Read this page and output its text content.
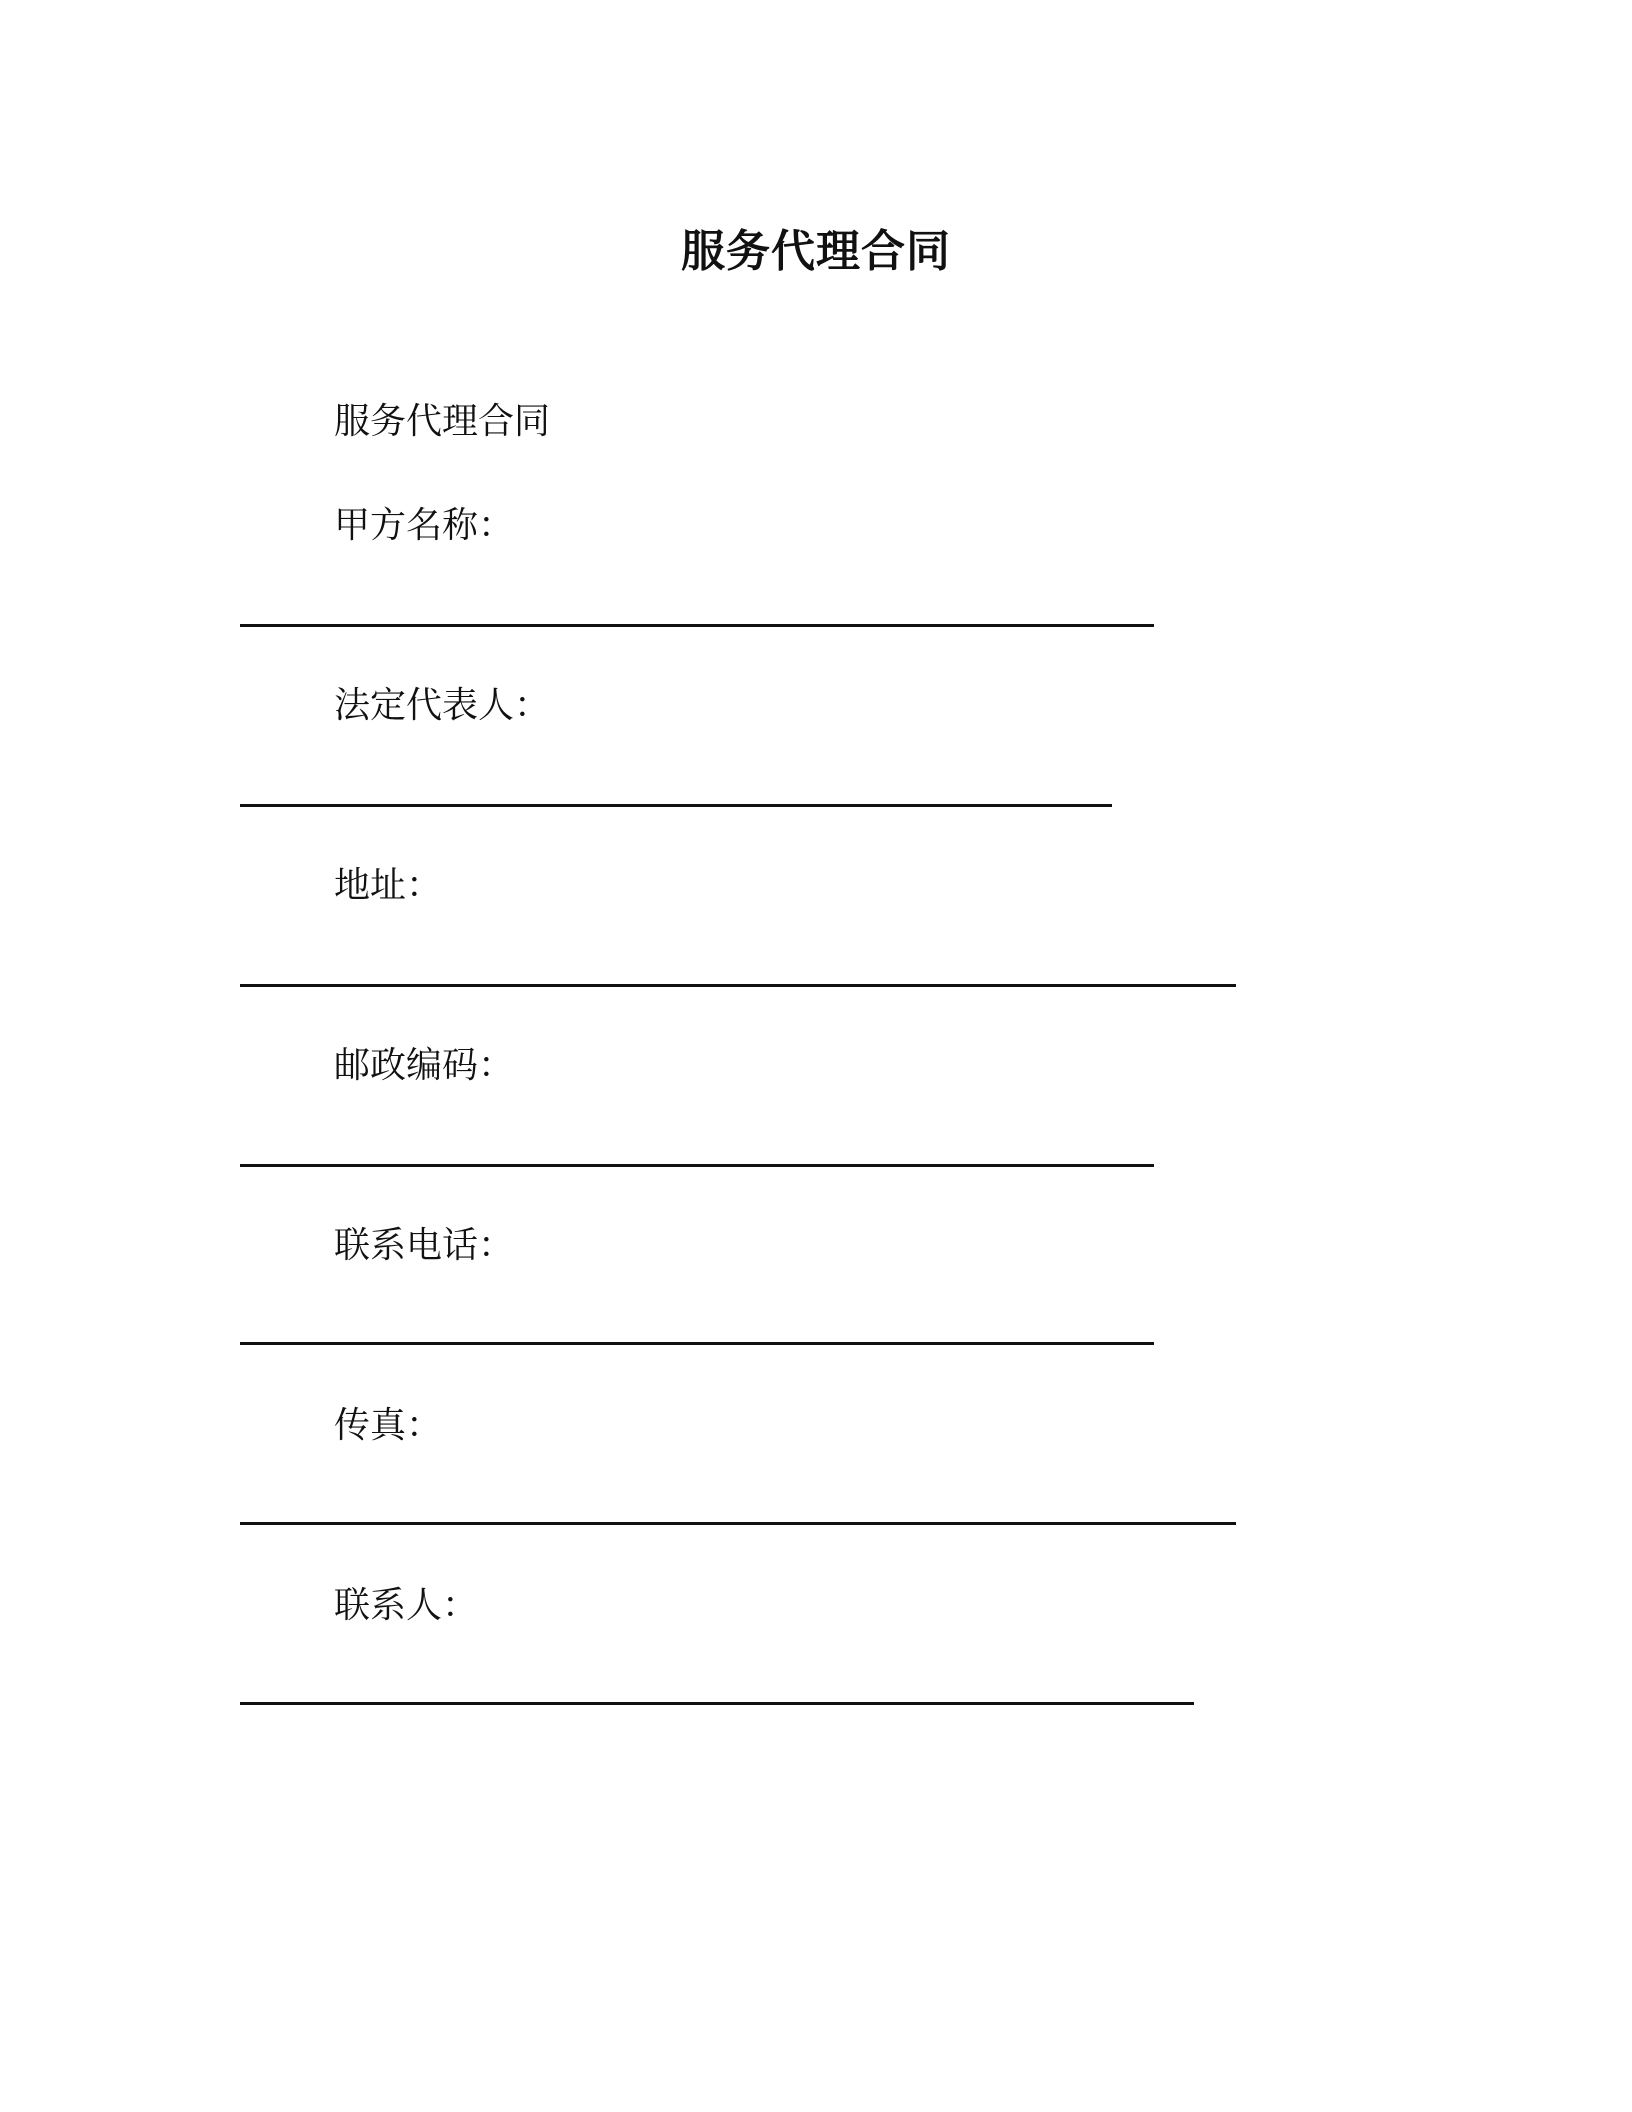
服务代理合同
服务代理合同
甲方名称：
法定代表人：
地址：
邮政编码：
联系电话：
传真：
联系人：
